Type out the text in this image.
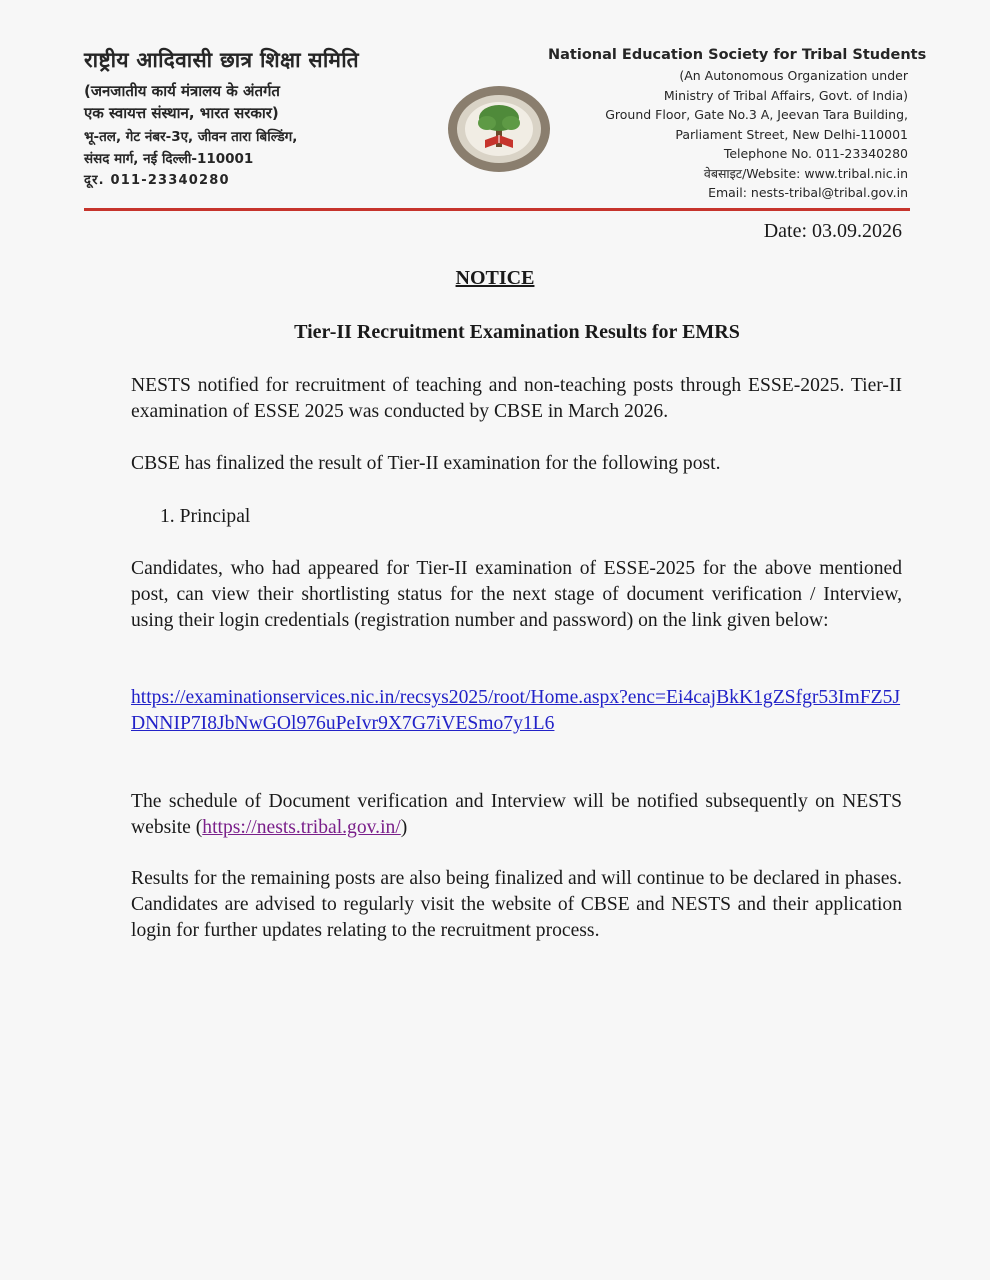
राष्ट्रीय आदिवासी छात्र शिक्षा समिति
(जनजातीय कार्य मंत्रालय के अंतर्गत
एक स्वायत्त संस्थान, भारत सरकार)
भू-तल, गेट नंबर-3ए, जीवन तारा बिल्डिंग,
संसद मार्ग, नई दिल्ली-110001
दूर. 011-23340280
National Education Society for Tribal Students
(An Autonomous Organization under
Ministry of Tribal Affairs, Govt. of India)
Ground Floor, Gate No.3 A, Jeevan Tara Building,
Parliament Street, New Delhi-110001
Telephone No. 011-23340280
वेबसाइट/Website: www.tribal.nic.in
Email: nests-tribal@tribal.gov.in
Date: 03.09.2026
NOTICE
Tier-II Recruitment Examination Results for EMRS

NESTS notified for recruitment of teaching and non-teaching posts through ESSE-2025. Tier-II examination of ESSE 2025 was conducted by CBSE in March 2026.

CBSE has finalized the result of Tier-II examination for the following post.

1. Principal

Candidates, who had appeared for Tier-II examination of ESSE-2025 for the above mentioned post, can view their shortlisting status for the next stage of document verification / Interview, using their login credentials (registration number and password) on the link given below:

https://examinationservices.nic.in/recsys2025/root/Home.aspx?enc=Ei4cajBkK1gZSfgr53ImFZ5JDNNIP7I8JbNwGOl976uPeIvr9X7G7iVESmo7y1L6

The schedule of Document verification and Interview will be notified subsequently on NESTS website (https://nests.tribal.gov.in/)

Results for the remaining posts are also being finalized and will continue to be declared in phases. Candidates are advised to regularly visit the website of CBSE and NESTS and their application login for further updates relating to the recruitment process.
